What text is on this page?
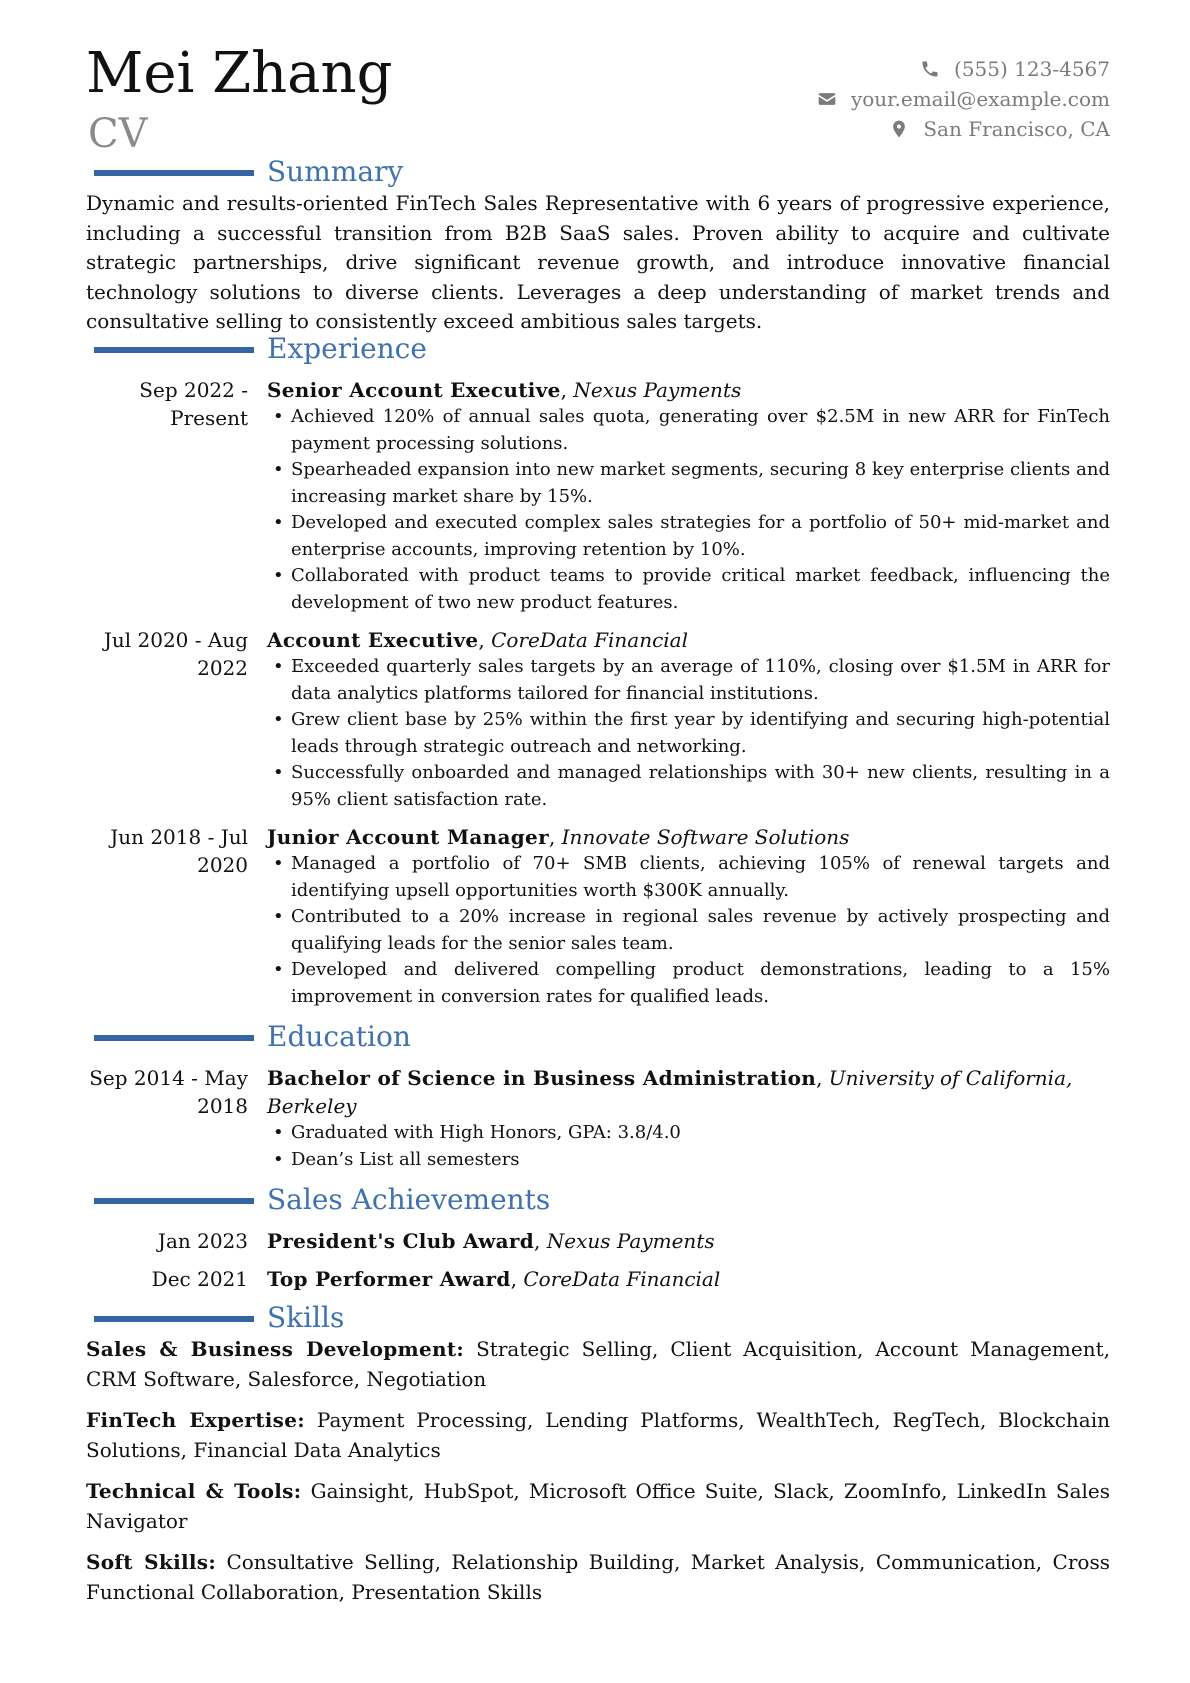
Mei Zhang
CV
(555) 123-4567
your.email@example.com
San Francisco, CA
Summary

Dynamic and results-oriented FinTech Sales Representative with 6 years of progressive experience, including a successful transition from B2B SaaS sales. Proven ability to acquire and cultivate strategic partnerships, drive significant revenue growth, and introduce innovative financial technology solutions to diverse clients. Leverages a deep understanding of market trends and consultative selling to consistently exceed ambitious sales targets.

Experience
Sep 2022 - Present
Senior Account Executive, Nexus Payments
• Achieved 120% of annual sales quota, generating over $2.5M in new ARR for FinTech payment processing solutions.
• Spearheaded expansion into new market segments, securing 8 key enterprise clients and increasing market share by 15%.
• Developed and executed complex sales strategies for a portfolio of 50+ mid-market and enterprise accounts, improving retention by 10%.
• Collaborated with product teams to provide critical market feedback, influencing the development of two new product features.
Jul 2020 - Aug 2022
Account Executive, CoreData Financial
• Exceeded quarterly sales targets by an average of 110%, closing over $1.5M in ARR for data analytics platforms tailored for financial institutions.
• Grew client base by 25% within the first year by identifying and securing high-potential leads through strategic outreach and networking.
• Successfully onboarded and managed relationships with 30+ new clients, resulting in a 95% client satisfaction rate.
Jun 2018 - Jul 2020
Junior Account Manager, Innovate Software Solutions
• Managed a portfolio of 70+ SMB clients, achieving 105% of renewal targets and identifying upsell opportunities worth $300K annually.
• Contributed to a 20% increase in regional sales revenue by actively prospecting and qualifying leads for the senior sales team.
• Developed and delivered compelling product demonstrations, leading to a 15% improvement in conversion rates for qualified leads.
Education
Sep 2014 - May 2018
Bachelor of Science in Business Administration, University of California, Berkeley
• Graduated with High Honors, GPA: 3.8/4.0
• Dean’s List all semesters
Sales Achievements
Jan 2023 President's Club Award, Nexus Payments
Dec 2021 Top Performer Award, CoreData Financial
Skills

Sales & Business Development: Strategic Selling, Client Acquisition, Account Management, CRM Software, Salesforce, Negotiation

FinTech Expertise: Payment Processing, Lending Platforms, WealthTech, RegTech, Blockchain Solutions, Financial Data Analytics

Technical & Tools: Gainsight, HubSpot, Microsoft Office Suite, Slack, ZoomInfo, LinkedIn Sales Navigator

Soft Skills: Consultative Selling, Relationship Building, Market Analysis, Communication, Cross Functional Collaboration, Presentation Skills
